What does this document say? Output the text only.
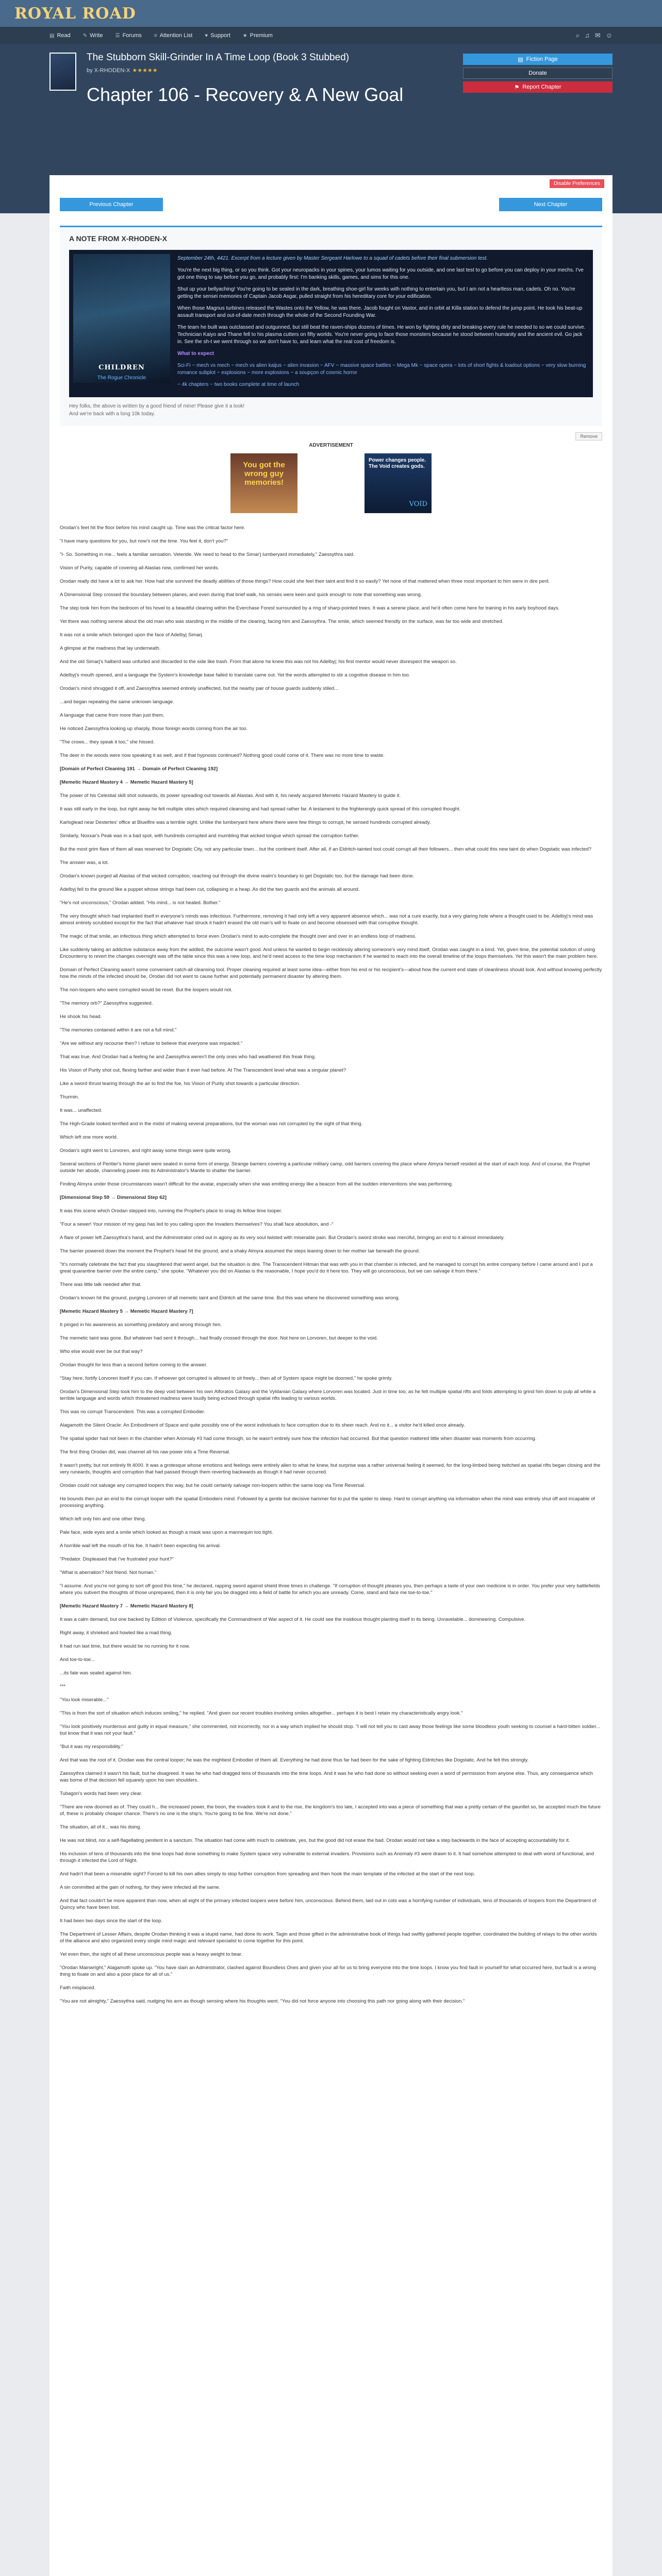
ROYAL ROAD
▤ Read ✎ Write ☰ Forums ≡ Attention List ♥ Support ★ Premium	⌕ ♫ ✉ ☺
The Stubborn Skill-Grinder In A Time Loop (Book 3 Stubbed)
by X-RHODEN-X ★★★★★
Chapter 106 - Recovery & A New Goal
▤ Fiction Page
Donate
⚑ Report Chapter
Disable Preferences
Previous Chapter	Next Chapter
A NOTE FROM X-RHODEN-X
CHILDREN
The Rogue Chronicle

September 24th, 4421. Excerpt from a lecture given by Master Sergeant Harlowe to a squad of cadets before their final submersion test.

You're the next big thing, or so you think. Got your neuropacks in your spines, your lumos waiting for you outside, and one last test to go before you can deploy in your mechs. I've got one thing to say before you go, and probably first: I'm banking skills, games, and sims for this one.

Shut up your bellyaching! You're going to be sealed in the dark, breathing shoe-girl for weeks with nothing to entertain you, but I am not a heartless man, cadets. Oh no. You're getting the sensei memories of Captain Jacob Asgar, pulled straight from his hereditary core for your edification.

When those Magnus turbines released the Wastes onto the Yellow, he was there. Jacob fought on Vastor, and in orbit at Killa station to defend the jump point. He took his beat-up assault transport and out-of-date mech through the whole of the Second Founding War.

The team he built was outclassed and outgunned, but still beat the raven-ships dozens of times. He won by fighting dirty and breaking every rule he needed to so we could survive. Technician Kaiyo and Thane fell to his plasma cutters on fifty worlds. You're never going to face those monsters because he stood between humanity and the ancient evil. Go jack in. See the sh-t we went through so we don't have to, and learn what the real cost of freedom is.

What to expect

Sci-Fi ~ mech vs mech ~ mech vs alien kaijus ~ alien invasion ~ AFV ~ massive space battles ~ Mega Mk ~ space opera ~ lots of short fights & loadout options ~ very slow burning romance subplot ~ explosions ~ more explosions ~ a soupçon of cosmic horror

~ 4k chapters ~ two books complete at time of launch

Hey folks, the above is written by a good friend of mine! Please give it a look!
And we're back with a long 10k today.
Remove
ADVERTISEMENT
You got the wrong guy memories!
Power changes people. The Void creates gods.
VOID

Orodan's feet hit the floor before his mind caught up. Time was the critical factor here.

"I have many questions for you, but now's not the time. You feel it, don't you?"

"I- So. Something in me... feels a familiar sensation. Veteride. We need to head to the Simar'j lumberyard immediately," Zaessythra said.

Vision of Purity, capable of covering all Alastas now, confirmed her words.

Orodan really did have a lot to ask her. How had she survived the deadly abilities of those things? How could she feel their taint and find it so easily? Yet none of that mattered when three most important to him were in dire peril.

A Dimensional Step crossed the boundary between planes, and even during that brief walk, his senses were keen and quick enough to note that something was wrong.

The step took him from the bedroom of his hovel to a beautiful clearing within the Everchase Forest surrounded by a ring of sharp-pointed trees. It was a serene place, and he'd often come here for training in his early boyhood days.

Yet there was nothing serene about the old man who was standing in the middle of the clearing, facing him and Zaessythra. The smile, which seemed friendly on the surface, was far too wide and stretched.

It was not a smile which belonged upon the face of Adelbyj Simarj.

A glimpse at the madness that lay underneath.

And the old Simarj's halberd was unfurled and discarded to the side like trash. From that alone he knew this was not his Adelbyj; his first mentor would never disrespect the weapon so.

Adelbyj's mouth opened, and a language the System's knowledge base failed to translate came out. Yet the words attempted to stir a cognitive disease in him too.

Orodan's mind shrugged it off, and Zaessythra seemed entirely unaffected, but the nearby pair of house guards suddenly stiled...

...and began repeating the same unknown language.

A language that came from more than just them.

He noticed Zaessythra looking up sharply, those foreign words coming from the air too.

"The crows... they speak it too," she hissed.

The deer in the woods were now speaking it as well, and if that hypnosis continued? Nothing good could come of it. There was no more time to waste.

[Domain of Perfect Cleaning 191 → Domain of Perfect Cleaning 192]

[Memetic Hazard Mastery 4 → Memetic Hazard Mastery 5]

The power of his Celestial skill shot outwards, its power spreading out towards all Alastas. And with it, his newly acquired Memetic Hazard Mastery to guide it.

It was still early in the loop, but right away he felt multiple sites which required cleansing and had spread rather far. A testament to the frighteningly quick spread of this corrupted thought.

Karlsglead near Destertes' office at Bluelfire was a terrible sight. Unlike the lumberyard here where there were few things to corrupt, he sensed hundreds corrupted already.

Similarly, Noxxar's Peak was in a bad spot, with hundreds corrupted and mumbling that wicked tongue which spread the corruption further.

But the most grim flare of them all was reserved for Dogstatic City, not any particular town... but the continent itself. After all, if an Eldritch-tainted tool could corrupt all their followers... then what could this new taint do when Dogstatic was infected?

The answer was, a lot.

Orodan's known purged all Alastas of that wicked corruption, reaching out through the divine realm's boundary to get Dogstatic too, but the damage had been done.

Adelbyj fell to the ground like a puppet whose strings had been cut, collapsing in a heap. As did the two guards and the animals all around.

"He's not unconscious," Orodan added. "His mind... is not healed. Bother."

The very thought which had implanted itself in everyone's minds was infectious. Furthermore, removing it had only left a very apparent absence which... was not a cure exactly, but a very glaring hole where a thought used to be. Adelbyj's mind was almost entirely scrubbed except for the fact that whatever had struck it hadn't erased the old man's will to fixate on and become obsessed with that corruptive thought.

The magic of that smile, an infectious thing which attempted to force even Orodan's mind to auto-complete the thought over and over in an endless loop of madness.

Like suddenly taking an addictive substance away from the addled, the outcome wasn't good. And unless he wanted to begin recklessly altering someone's very mind itself, Orodan was caught in a bind. Yet, given time, the potential solution of using Encounterny to revert the changes overnight was off the table since this was a new loop, and he'd need access to the time loop mechanism if he wanted to reach into the overall timeline of the loops themselves. Yet this wasn't the main problem here.

Domain of Perfect Cleaning wasn't some convenient catch-all cleansing tool. Proper cleaning required at least some idea—either from his end or his recipient's—about how the current end state of cleanliness should look. And without knowing perfectly how the minds of the infected should be, Orodan did not want to cause further and potentially permanent disaster by altering them.

The non-loopers who were corrupted would be reset. But the loopers would not.

"The memory orb?" Zaessythra suggested.

He shook his head.

"The memories contained within it are not a full mind."

"Are we without any recourse then? I refuse to believe that everyone was impacted."

That was true. And Orodan had a feeling he and Zaessythra weren't the only ones who had weathered this freak thing.

His Vision of Purity shot out, flexing farther and wider than it ever had before. At The Transcendent level what was a singular planet?

Like a sword thrust tearing through the air to find the foe, his Vision of Purity shot towards a particular direction.

Thurmin.

It was... unaffected.

The High-Grade looked terrified and in the midst of making several preparations, but the woman was not corrupted by the sight of that thing.

Which left one more world.

Orodan's sight went to Lorvoren, and right away some things were quite wrong.

Several sections of Pentier's home planet were sealed in some form of energy. Strange barriers covering a particular military camp, odd barriers covering the place where Almyra herself resided at the start of each loop. And of course, the Prophet outside her abode, channeling power into its Administrator's Mantle to shatter the barrier.

Finding Almyra under those circumstances wasn't difficult for the avatar, especially when she was emitting energy like a beacon from all the sudden interventions she was performing.

[Dimensional Step 59 → Dimensional Step 62]

It was this scene which Orodan stepped into, running the Prophet's place to snag its fellow time looper.

"Four a sewer! Your mission of my gasp has led to you calling upon the Invaders themselves? You shall face absolution, and -"

A flare of power left Zaessythra's hand, and the Administrator cried out in agony as its very soul twisted with miserable pain. But Orodan's sword stroke was merciful, bringing an end to it almost immediately.

The barrier powered down the moment the Prophet's head hit the ground, and a shaky Almyra assumed the steps leaning down to her mother Iair beneath the ground.

"It's normally celebrate the fact that you slaughtered that weird angel, but the situation is dire. The Transcendent Hitman that was with you in that chamber is infected, and he managed to corrupt his entire company before I came around and I put a great quarantine barrier over the entire camp," she spoke. "Whatever you did on Alastas is the reasonable, I hope you'd do it here too. They will go unconscious, but we can salvage it from there."

There was little talk needed after that.

Orodan's known hit the ground, purging Lorvoren of all memetic taint and Eldritch all the same time. But this was where he discovered something was wrong.

[Memetic Hazard Mastery 5 → Memetic Hazard Mastery 7]

It pinged in his awareness as something predatory and wrong through him.

The memetic taint was gone. But whatever had sent it through... had finally crossed through the door. Not here on Lorvoren, but deeper to the void.

Who else would ever be out that way?

Orodan thought for less than a second before coming to the answer.

"Stay here, fortify Lorvoren itself if you can. If whoever got corrupted is allowed to sit freely... then all of System space might be doomed," he spoke grimly.

Orodan's Dimensional Step took him to the deep void between his own Alforatos Galaxy and the Vyldanian Galaxy where Lorvoren was located. Just in time too, as he felt multiple spatial rifts and folds attempting to grind him down to pulp all while a terrible language and words which threatened madness were loudly being echoed through spatial rifts leading to various worlds.

This was no corrupt Transcendent. This was a corrupted Embodier.

Alagamoth the Silent Oracle: An Embodiment of Space and quite possibly one of the worst individuals to face corruption due to its sheer reach. And no it... a visitor he'd killed once already.

The spatial spider had not been in the chamber when Anomaly #3 had come through, so he wasn't entirely sure how the infection had occurred. But that question mattered little when disaster was moments from occurring.

The first thing Orodan did, was channel all his raw power into a Time Reversal.

It wasn't pretty, but not entirely fit 4000. It was a grotesque whose emotions and feelings were entirely alien to what he knew, but surprise was a rather universal feeling it seemed, for the long-limbed being twitched as spatial rifts began closing and the very runeards, thoughts and corruption that had passed through them reverting backwards as though it had never occurred.

Orodan could not salvage any corrupted loopers this way, but he could certainly salvage non-loopers within the same loop via Time Reversal.

He bounds then put an end to the corrupt looper with the spatial Embodiers mind. Followed by a gentle but decisive hammer fist to put the spider to sleep. Hard to corrupt anything via information when the mind was entirely shut off and incapable of processing anything.

Which left only him and one other thing.

Pale face, wide eyes and a smile which looked as though a mask was upon a mannequin too tight.

A horrible wail left the mouth of his foe. It hadn't been expecting his arrival.

"Predator. Displeased that I've frustrated your hunt?"

"What is aberration? Not friend. Not human."

"I assume. And you're not going to sort off good this time," he declared, rapping sword against shield three times in challenge. "If corruption of thought pleases you, then perhaps a taste of your own medicine is in order. You prefer your very battlefields where you subvert the thoughts of those unprepared, then it is only fair you be dragged into a field of battle for which you are unready. Come, stand and face me toe-to-toe."

[Memetic Hazard Mastery 7 → Memetic Hazard Mastery 8]

It was a calm demand, but one backed by Edition of Violence, specifically the Commandment of War aspect of it. He could see the insidious thought planting itself in its being. Unravelable... domineering. Compulsive.

Right away, it shrieked and howled like a mad thing.

It had run last time, but there would be no running for it now.

And toe-to-toe...

...its fate was sealed against him.

***

"You look miserable..."

"This is from the sort of situation which induces smiling," he replied. "And given our recent troubles involving smiles altogether... perhaps it is best I retain my characteristically angry look."

"You look positively murderous and guilty in equal measure," she commented, not incorrectly, nor in a way which implied he should stop. "I will not tell you to cast away those feelings like some bloodless youth seeking to counsel a hard-bitten soldier... but know that it was not your fault."

"But it was my responsibility."

And that was the root of it. Orodan was the central looper; he was the mightiest Embodier of them all. Everything he had done thus far had been for the sake of fighting Eldritches like Dogstatic. And he felt this strongly.

Zaessythra claimed it wasn't his fault, but he disagreed. It was he who had dragged tens of thousands into the time loops. And it was he who had done so without seeking even a word of permission from anyone else. Thus, any consequence which was borne of that decision fell squarely upon his own shoulders.

Tubagon's words had been very clear.

"There are now doomed as of. They could h... the increased power, the boon, the invaders took it and to the rise, the kingdom's too late, I accepted into was a piece of something that was a pretty certain of the gauntlet so, be accepted much the future of, these is probably cheaper chance. There's no one is the ship's. You're going to be fine. We're not done."

The situation, all of it... was his doing.

He was not blind, nor a self-flagellating penitent in a sanctum. The situation had come with much to celebrate, yes, but the good did not erase the bad. Orodan would not take a step backwards in the face of accepting accountability for it.

His inclusion of tens of thousands into the time loops had done something to make System space very vulnerable to external invaders. Provisions such as Anomaly #3 were drawn to it. It had somehow attempted to deal with worst of functional, and through it infected the Lord of Night.

And hadn't that been a miserable sight? Forced to kill his own allies simply to stop further corruption from spreading and then hook the main template of the infected at the start of the next loop.

A sin committed at the gain of nothing, for they were infected all the same.

And that fact couldn't be more apparent than now, when all eight of the primary infected loopers were before him, unconscious. Behind them, laid out in cots was a horrifying number of individuals, tens of thousands of loopers from the Department of Quincy who have been lost.

It had been two days since the start of the loop.

The Department of Lesser Affairs, despite Orodan thinking it was a stupid name, had done its work. Tagin and those gifted in the administrative book of things had swiftly gathered people together, coordinated the building of relays to the other worlds of the alliance and also organized every single mind magic and relevant specialist to come together for this point.

Yet even then, the sight of all these unconscious people was a heavy weight to bear.

"Orodan Mainwright," Alagamoth spoke up. "You have slain an Administrator, clashed against Boundless Ones and given your all for us to bring everyone into the time loops. I know you find fault in yourself for what occurred here, but fault is a wrong thing to fixate on and also a poor place for all of us."

Faith misplaced.

"You are not almighty," Zaessythra said, nudging his arm as though sensing where his thoughts went. "You did not force anyone into choosing this path nor going along with their decision."
